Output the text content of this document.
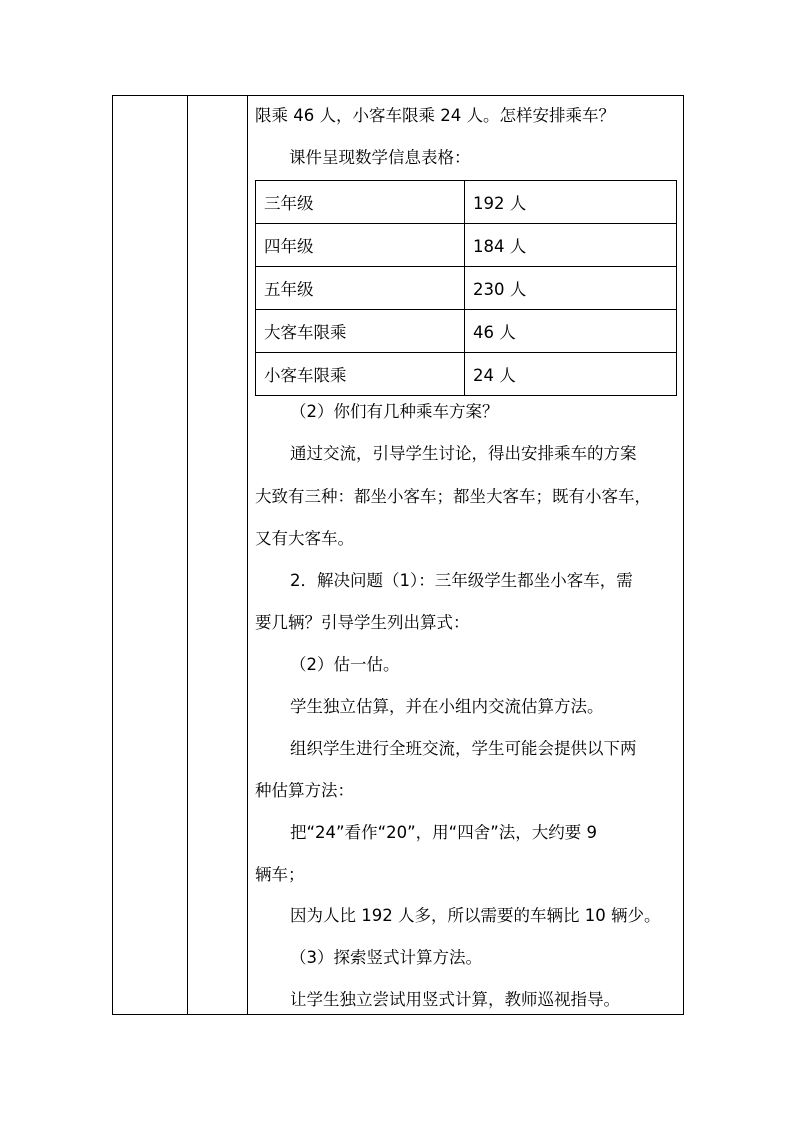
限乘 46 人，小客车限乘 24 人。怎样安排乘车？
课件呈现数学信息表格：
三年级	192 人
四年级	184 人
五年级	230 人
大客车限乘	46 人
小客车限乘	24 人
（2）你们有几种乘车方案？
通过交流，引导学生讨论，得出安排乘车的方案
大致有三种：都坐小客车；都坐大客车；既有小客车，
又有大客车。
2．解决问题（1）：三年级学生都坐小客车，需
要几辆？引导学生列出算式：
（2）估一估。
学生独立估算，并在小组内交流估算方法。
组织学生进行全班交流，学生可能会提供以下两
种估算方法：
把“24”看作“20”，用“四舍”法，大约要 9
辆车；
因为人比 192 人多，所以需要的车辆比 10 辆少。
（3）探索竖式计算方法。
让学生独立尝试用竖式计算，教师巡视指导。
